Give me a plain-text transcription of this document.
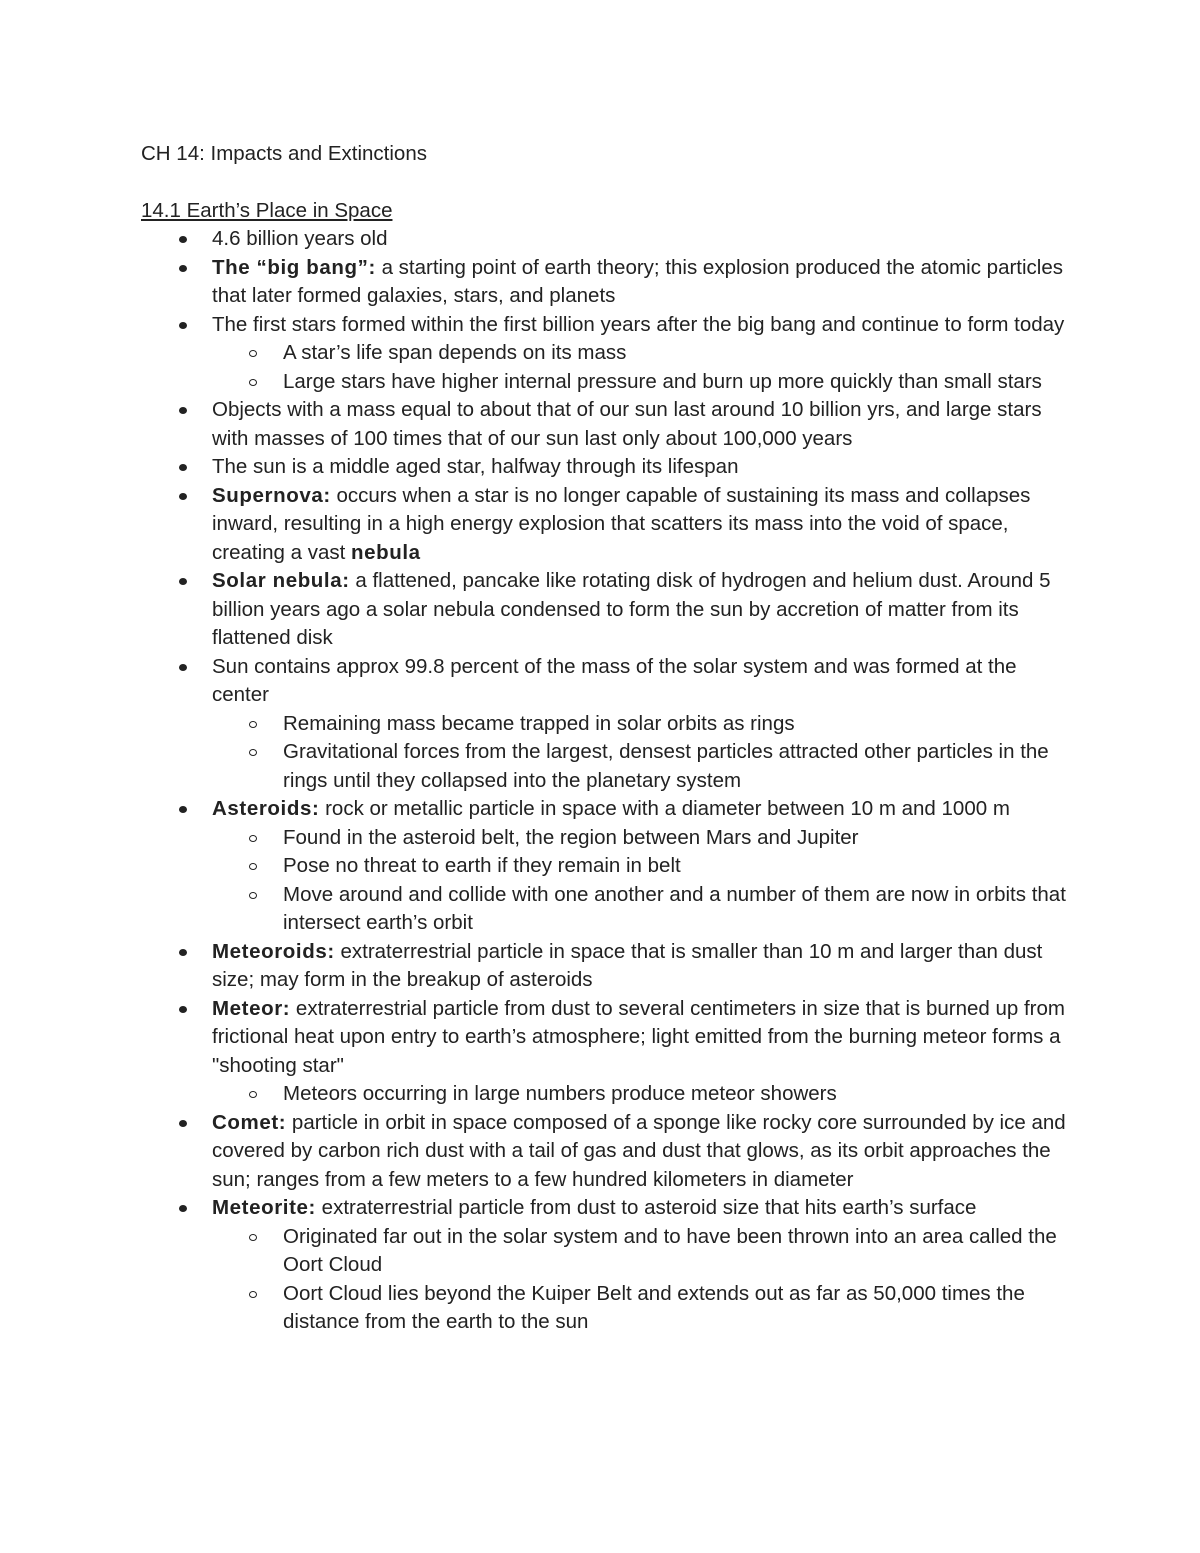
CH 14: Impacts and Extinctions
14.1 Earth’s Place in Space
4.6 billion years old
The “big bang”: a starting point of earth theory; this explosion produced the atomic particles that later formed galaxies, stars, and planets
The first stars formed within the first billion years after the big bang and continue to form today
A star’s life span depends on its mass
Large stars have higher internal pressure and burn up more quickly than small stars
Objects with a mass equal to about that of our sun last around 10 billion yrs, and large stars with masses of 100 times that of our sun last only about 100,000 years
The sun is a middle aged star, halfway through its lifespan
Supernova: occurs when a star is no longer capable of sustaining its mass and collapses inward, resulting in a high energy explosion that scatters its mass into the void of space, creating a vast nebula
Solar nebula: a flattened, pancake like rotating disk of hydrogen and helium dust. Around 5 billion years ago a solar nebula condensed to form the sun by accretion of matter from its flattened disk
Sun contains approx 99.8 percent of the mass of the solar system and was formed at the center
Remaining mass became trapped in solar orbits as rings
Gravitational forces from the largest, densest particles attracted other particles in the rings until they collapsed into the planetary system
Asteroids: rock or metallic particle in space with a diameter between 10 m and 1000 m
Found in the asteroid belt, the region between Mars and Jupiter
Pose no threat to earth if they remain in belt
Move around and collide with one another and a number of them are now in orbits that intersect earth’s orbit
Meteoroids: extraterrestrial particle in space that is smaller than 10 m and larger than dust size; may form in the breakup of asteroids
Meteor: extraterrestrial particle from dust to several centimeters in size that is burned up from frictional heat upon entry to earth’s atmosphere; light emitted from the burning meteor forms a "shooting star"
Meteors occurring in large numbers produce meteor showers
Comet: particle in orbit in space composed of a sponge like rocky core surrounded by ice and covered by carbon rich dust with a tail of gas and dust that glows, as its orbit approaches the sun; ranges from a few meters to a few hundred kilometers in diameter
Meteorite: extraterrestrial particle from dust to asteroid size that hits earth’s surface
Originated far out in the solar system and to have been thrown into an area called the Oort Cloud
Oort Cloud lies beyond the Kuiper Belt and extends out as far as 50,000 times the distance from the earth to the sun
